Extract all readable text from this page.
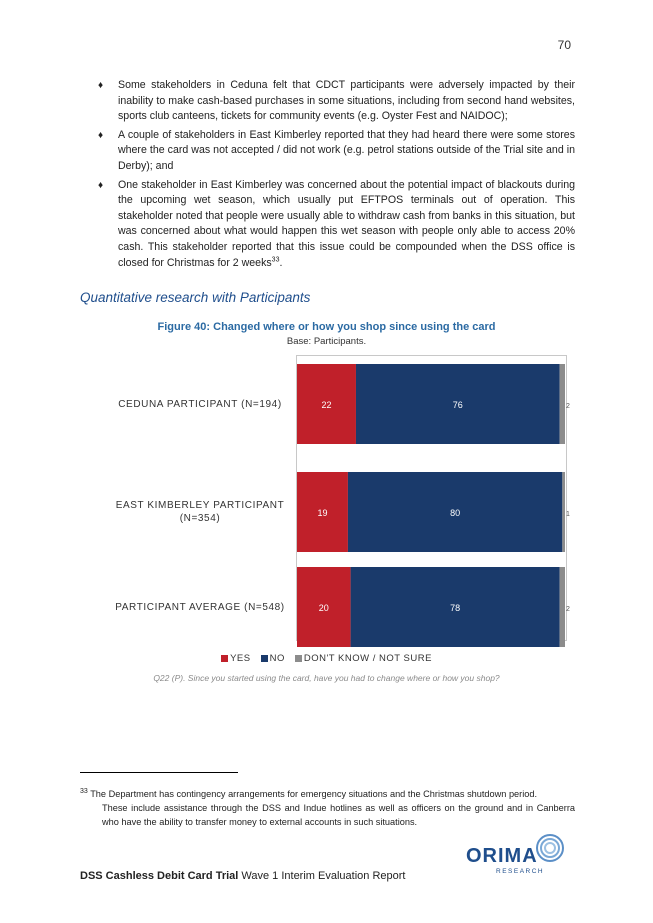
70
♦ Some stakeholders in Ceduna felt that CDCT participants were adversely impacted by their inability to make cash-based purchases in some situations, including from second hand websites, sports club canteens, tickets for community events (e.g. Oyster Fest and NAIDOC);
♦ A couple of stakeholders in East Kimberley reported that they had heard there were some stores where the card was not accepted / did not work (e.g. petrol stations outside of the Trial site and in Derby); and
♦ One stakeholder in East Kimberley was concerned about the potential impact of blackouts during the upcoming wet season, which usually put EFTPOS terminals out of operation. This stakeholder noted that people were usually able to withdraw cash from banks in this situation, but was concerned about what would happen this wet season with people only able to access 20% cash. This stakeholder reported that this issue could be compounded when the DSS office is closed for Christmas for 2 weeks$^{33}$.
Quantitative research with Participants
Figure 40: Changed where or how you shop since using the card
Base: Participants.
22	76	2
19	80	1
20	78	2
YES NO DON'T KNOW / NOT SURE
Q22 (P). Since you started using the card, have you had to change where or how you shop?
$^{33}$ The Department has contingency arrangements for emergency situations and the Christmas shutdown period.
These include assistance through the DSS and Indue hotlines as well as officers on the ground and in Canberra who have the ability to transfer money to external accounts in such situations.
DSS Cashless Debit Card Trial Wave 1 Interim Evaluation Report
ORIMA
RESEARCH
CEDUNA PARTICIPANT (N=194)
EAST KIMBERLEY PARTICIPANT
(N=354)
PARTICIPANT AVERAGE (N=548)
